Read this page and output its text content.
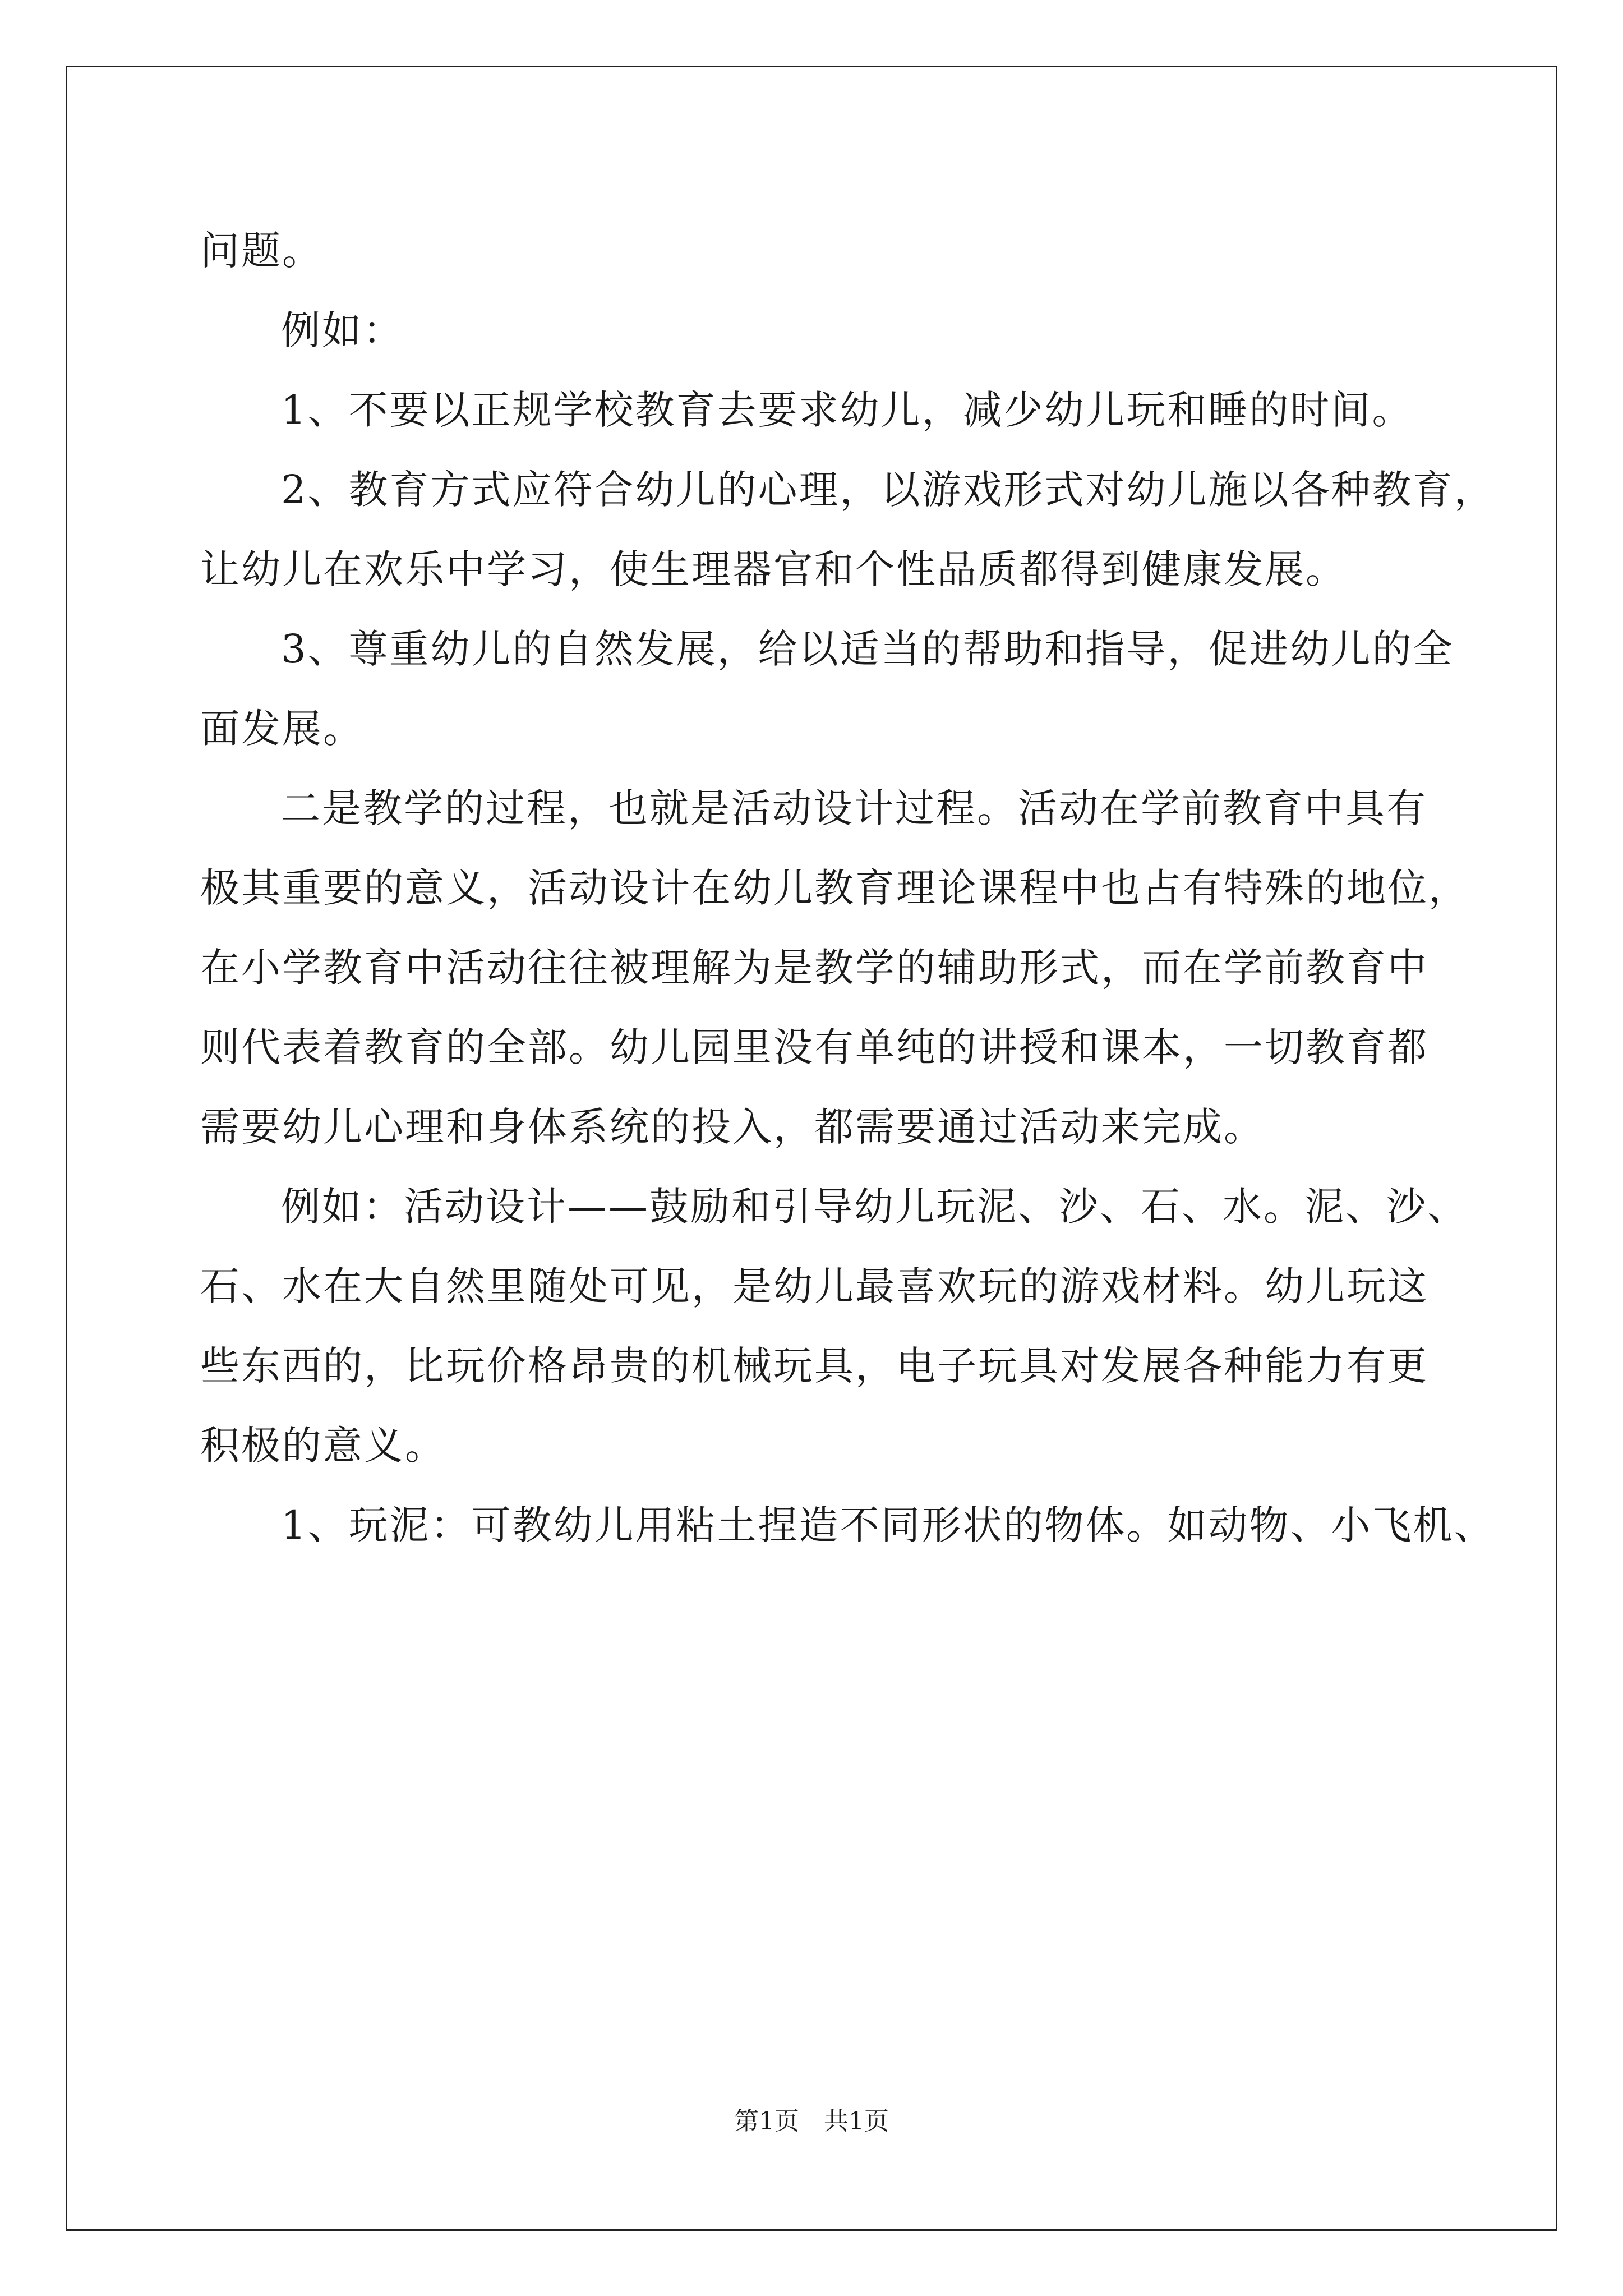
问题。
例如：
1、不要以正规学校教育去要求幼儿，减少幼儿玩和睡的时间。
2、教育方式应符合幼儿的心理，以游戏形式对幼儿施以各种教育，
让幼儿在欢乐中学习，使生理器官和个性品质都得到健康发展。
3、尊重幼儿的自然发展，给以适当的帮助和指导，促进幼儿的全
面发展。
二是教学的过程，也就是活动设计过程。活动在学前教育中具有
极其重要的意义，活动设计在幼儿教育理论课程中也占有特殊的地位，
在小学教育中活动往往被理解为是教学的辅助形式，而在学前教育中
则代表着教育的全部。幼儿园里没有单纯的讲授和课本，一切教育都
需要幼儿心理和身体系统的投入，都需要通过活动来完成。
例如：活动设计——鼓励和引导幼儿玩泥、沙、石、水。泥、沙、
石、水在大自然里随处可见，是幼儿最喜欢玩的游戏材料。幼儿玩这
些东西的，比玩价格昂贵的机械玩具，电子玩具对发展各种能力有更
积极的意义。
1、玩泥：可教幼儿用粘土捏造不同形状的物体。如动物、小飞机、
第1页　共1页
